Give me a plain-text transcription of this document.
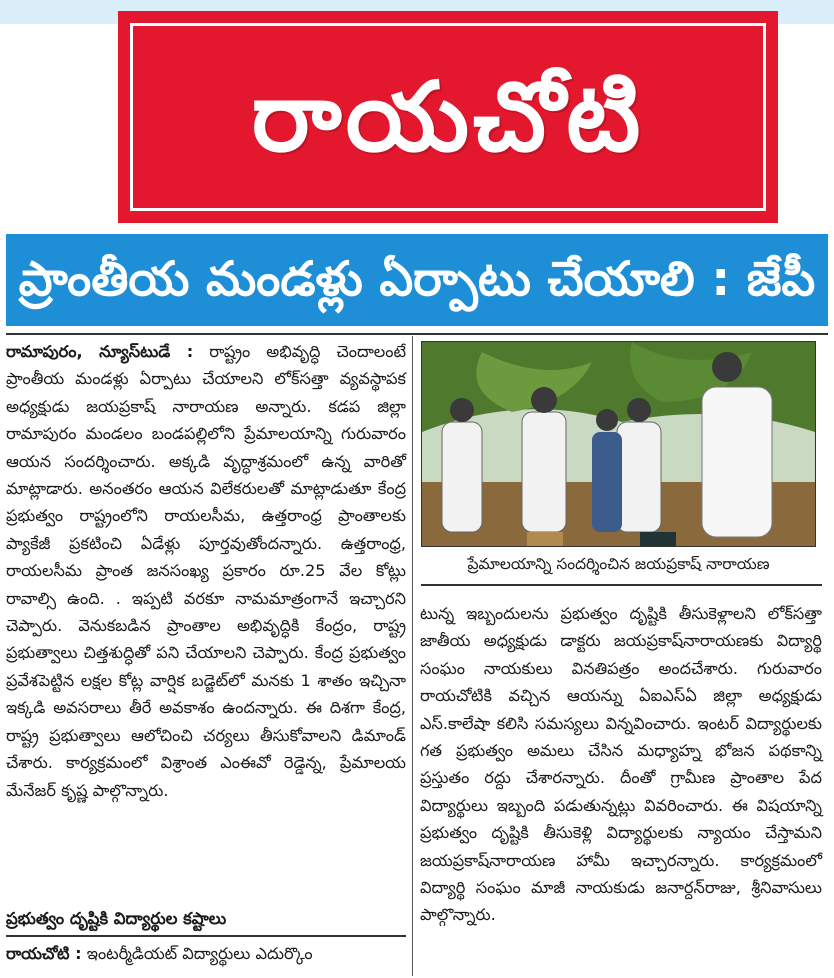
రాయచోటి
ప్రాంతీయ మండళ్లు ఏర్పాటు చేయాలి : జేపీ

రామాపురం, న్యూస్‌టుడే : రాష్ట్రం అభివృద్ధి చెందాలంటే ప్రాంతీయ మండళ్లు ఏర్పాటు చేయాలని లోక్‌సత్తా వ్యవస్థాపక అధ్యక్షుడు జయప్రకాష్ నారాయణ అన్నారు. కడప జిల్లా రామాపురం మండలం బండపల్లిలోని ప్రేమాలయాన్ని గురువారం ఆయన సందర్శించారు. అక్కడి వృద్ధాశ్రమంలో ఉన్న వారితో మాట్లాడారు. అనంతరం ఆయన విలేకరులతో మాట్లాడుతూ కేంద్ర ప్రభుత్వం రాష్ట్రంలోని రాయలసీమ, ఉత్తరాంధ్ర ప్రాంతాలకు ప్యాకేజీ ప్రకటించి ఏడేళ్లు పూర్తవుతోందన్నారు. ఉత్తరాంధ్ర, రాయలసీమ ప్రాంత జనసంఖ్య ప్రకారం రూ.25 వేల కోట్లు రావాల్సి ఉంది. . ఇప్పటి వరకూ నామమాత్రంగానే ఇచ్చారని చెప్పారు. వెనుకబడిన ప్రాంతాల అభివృద్ధికి కేంద్రం, రాష్ట్ర ప్రభుత్వాలు చిత్తశుద్ధితో పని చేయాలని చెప్పారు. కేంద్ర ప్రభుత్వం ప్రవేశపెట్టిన లక్షల కోట్ల వార్షిక బడ్జెట్‌లో మనకు 1 శాతం ఇచ్చినా ఇక్కడి అవసరాలు తీరే అవకాశం ఉందన్నారు. ఈ దిశగా కేంద్ర, రాష్ట్ర ప్రభుత్వాలు ఆలోచించి చర్యలు తీసుకోవాలని డిమాండ్ చేశారు. కార్యక్రమంలో విశ్రాంత ఎంఈవో రెడ్డెన్న, ప్రేమాలయ మేనేజర్ కృష్ణ పాల్గొన్నారు.

ప్రేమాలయాన్ని సందర్శించిన జయప్రకాష్ నారాయణ

టున్న ఇబ్బందులను ప్రభుత్వం దృష్టికి తీసుకెళ్లాలని లోక్‌సత్తా జాతీయ అధ్యక్షుడు డాక్టరు జయప్రకాష్‌నారాయణకు విద్యార్థి సంఘం నాయకులు వినతిపత్రం అందచేశారు. గురువారం రాయచోటికి వచ్చిన ఆయన్ను ఏఐఎస్ఏ జిల్లా అధ్యక్షుడు ఎస్.కాలేషా కలిసి సమస్యలు విన్నవించారు. ఇంటర్ విద్యార్థులకు గత ప్రభుత్వం అమలు చేసిన మధ్యాహ్న భోజన పథకాన్ని ప్రస్తుతం రద్దు చేశారన్నారు. దీంతో గ్రామీణ ప్రాంతాల పేద విద్యార్థులు ఇబ్బంది పడుతున్నట్లు వివరించారు. ఈ విషయాన్ని ప్రభుత్వం దృష్టికి తీసుకెళ్లి విద్యార్థులకు న్యాయం చేస్తామని జయప్రకాష్‌నారాయణ హామీ ఇచ్చారన్నారు. కార్యక్రమంలో విద్యార్థి సంఘం మాజీ నాయకుడు జనార్దన్‌రాజు, శ్రీనివాసులు పాల్గొన్నారు.

ప్రభుత్వం దృష్టికి విద్యార్థుల కష్టాలు
రాయచోటి : ఇంటర్మీడియట్ విద్యార్థులు ఎదుర్కొం
